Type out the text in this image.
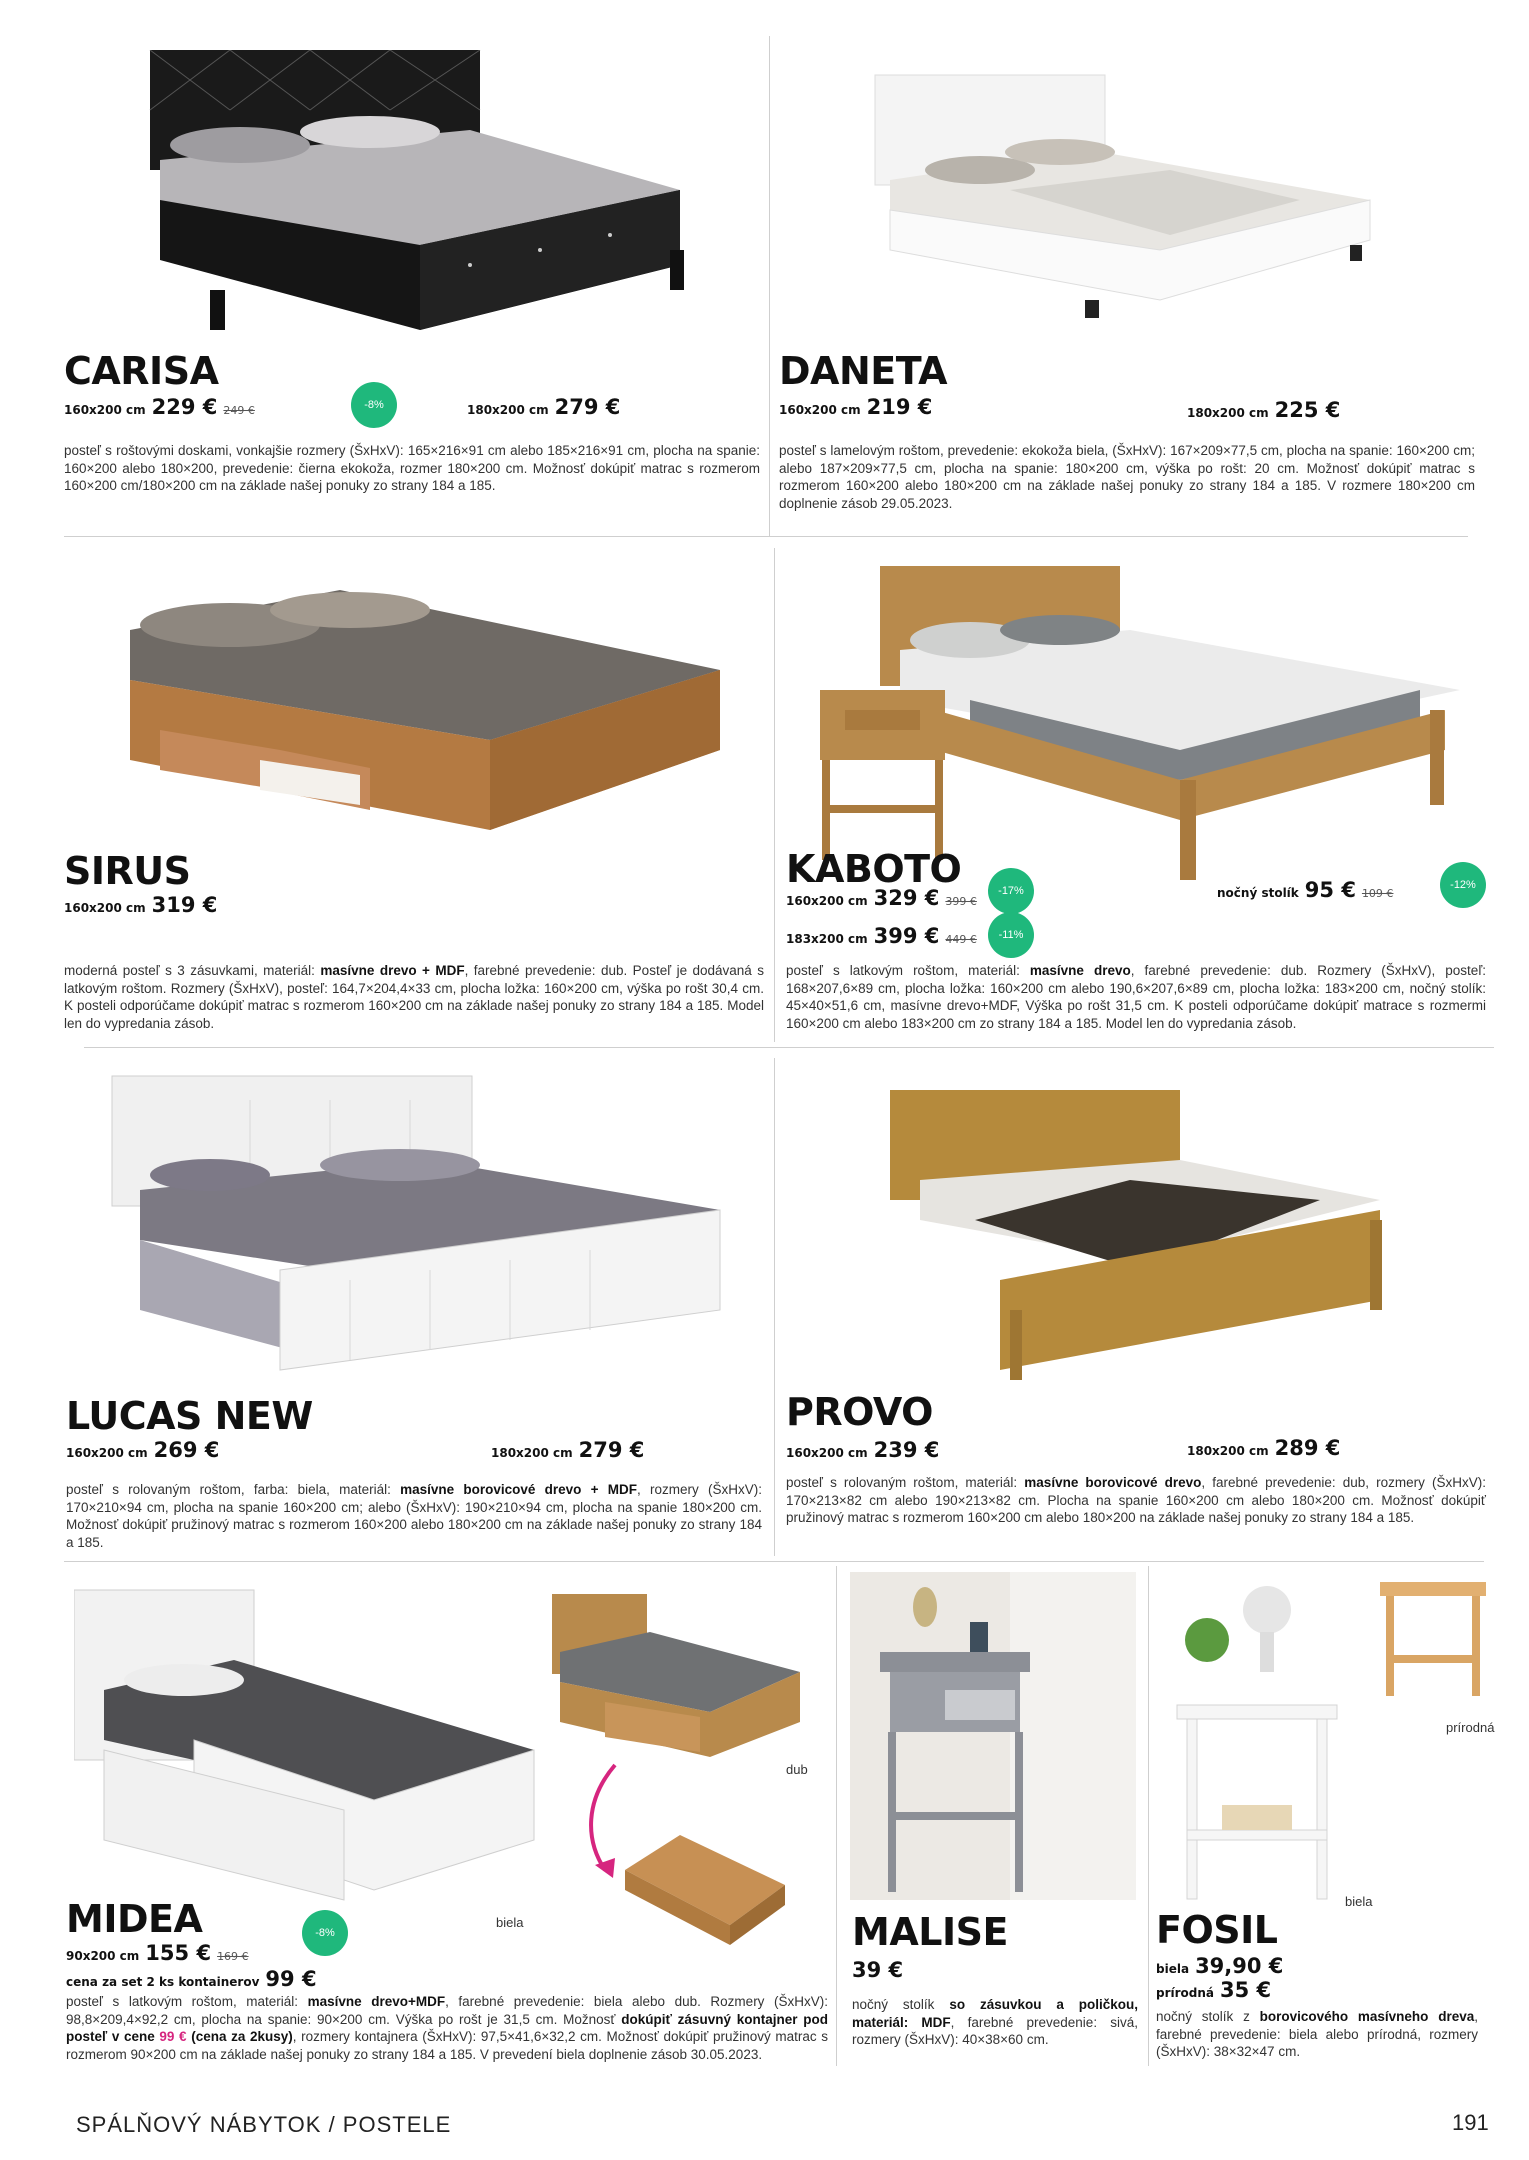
CARISA
160x200 cm 229 € 249 €	-8%	180x200 cm 279 €
posteľ s roštovými doskami, vonkajšie rozmery (ŠxHxV): 165×216×91 cm alebo 185×216×91 cm, plocha na spanie: 160×200 alebo 180×200, prevedenie: čierna ekokoža, rozmer 180×200 cm. Možnosť dokúpiť matrac s rozmerom 160×200 cm/180×200 cm na základe našej ponuky zo strany 184 a 185.
DANETA
160x200 cm 219 €	180x200 cm 225 €
posteľ s lamelovým roštom, prevedenie: ekokoža biela, (ŠxHxV): 167×209×77,5 cm, plocha na spanie: 160×200 cm; alebo 187×209×77,5 cm, plocha na spanie: 180×200 cm, výška po rošt: 20 cm. Možnosť dokúpiť matrac s rozmerom 160×200 alebo 180×200 cm na základe našej ponuky zo strany 184 a 185. V rozmere 180×200 cm doplnenie zásob 29.05.2023.
SIRUS
160x200 cm 319 €
moderná posteľ s 3 zásuvkami, materiál: masívne drevo + MDF, farebné prevedenie: dub. Posteľ je dodávaná s latkovým roštom. Rozmery (ŠxHxV), posteľ: 164,7×204,4×33 cm, plocha ložka: 160×200 cm, výška po rošt 30,4 cm. K posteli odporúčame dokúpiť matrac s rozmerom 160×200 cm na základe našej ponuky zo strany 184 a 185. Model len do vypredania zásob.
KABOTO
160x200 cm 329 € 399 €
-17%
183x200 cm 399 € 449 €	-11%
nočný stolík 95 € 109 €
-12%
posteľ s latkovým roštom, materiál: masívne drevo, farebné prevedenie: dub. Rozmery (ŠxHxV), posteľ: 168×207,6×89 cm, plocha ložka: 160×200 cm alebo 190,6×207,6×89 cm, plocha ložka: 183×200 cm, nočný stolík: 45×40×51,6 cm, masívne drevo+MDF, Výška po rošt 31,5 cm. K posteli odporúčame dokúpiť matrace s rozmermi 160×200 cm alebo 183×200 cm zo strany 184 a 185. Model len do vypredania zásob.
LUCAS NEW
160x200 cm 269 €	180x200 cm 279 €
posteľ s rolovaným roštom, farba: biela, materiál: masívne borovicové drevo + MDF, rozmery (ŠxHxV): 170×210×94 cm, plocha na spanie 160×200 cm; alebo (ŠxHxV): 190×210×94 cm, plocha na spanie 180×200 cm. Možnosť dokúpiť pružinový matrac s rozmerom 160×200 alebo 180×200 cm na základe našej ponuky zo strany 184 a 185.
PROVO
160x200 cm 239 €	180x200 cm 289 €
posteľ s rolovaným roštom, materiál: masívne borovicové drevo, farebné prevedenie: dub, rozmery (ŠxHxV): 170×213×82 cm alebo 190×213×82 cm. Plocha na spanie 160×200 cm alebo 180×200 cm. Možnosť dokúpiť pružinový matrac s rozmerom 160×200 cm alebo 180×200 na základe našej ponuky zo strany 184 a 185.
dub
biela
MIDEA
90x200 cm 155 € 169 €
-8%
cena za set 2 ks kontainerov 99 €
posteľ s latkovým roštom, materiál: masívne drevo+MDF, farebné prevedenie: biela alebo dub. Rozmery (ŠxHxV): 98,8×209,4×92,2 cm, plocha na spanie: 90×200 cm. Výška po rošt je 31,5 cm. Možnosť dokúpiť zásuvný kontajner pod posteľ v cene 99 € (cena za 2kusy), rozmery kontajnera (ŠxHxV): 97,5×41,6×32,2 cm. Možnosť dokúpiť pružinový matrac s rozmerom 90×200 cm na základe našej ponuky zo strany 184 a 185. V prevedení biela doplnenie zásob 30.05.2023.
MALISE
39 €
nočný stolík so zásuvkou a poličkou, materiál: MDF, farebné prevedenie: sivá, rozmery (ŠxHxV): 40×38×60 cm.
prírodná
biela
FOSIL
biela 39,90 €
prírodná 35 €
nočný stolík z borovicového masívneho dreva, farebné prevedenie: biela alebo prírodná, rozmery (ŠxHxV): 38×32×47 cm.
SPÁLŇOVÝ NÁBYTOK / POSTELE	191
